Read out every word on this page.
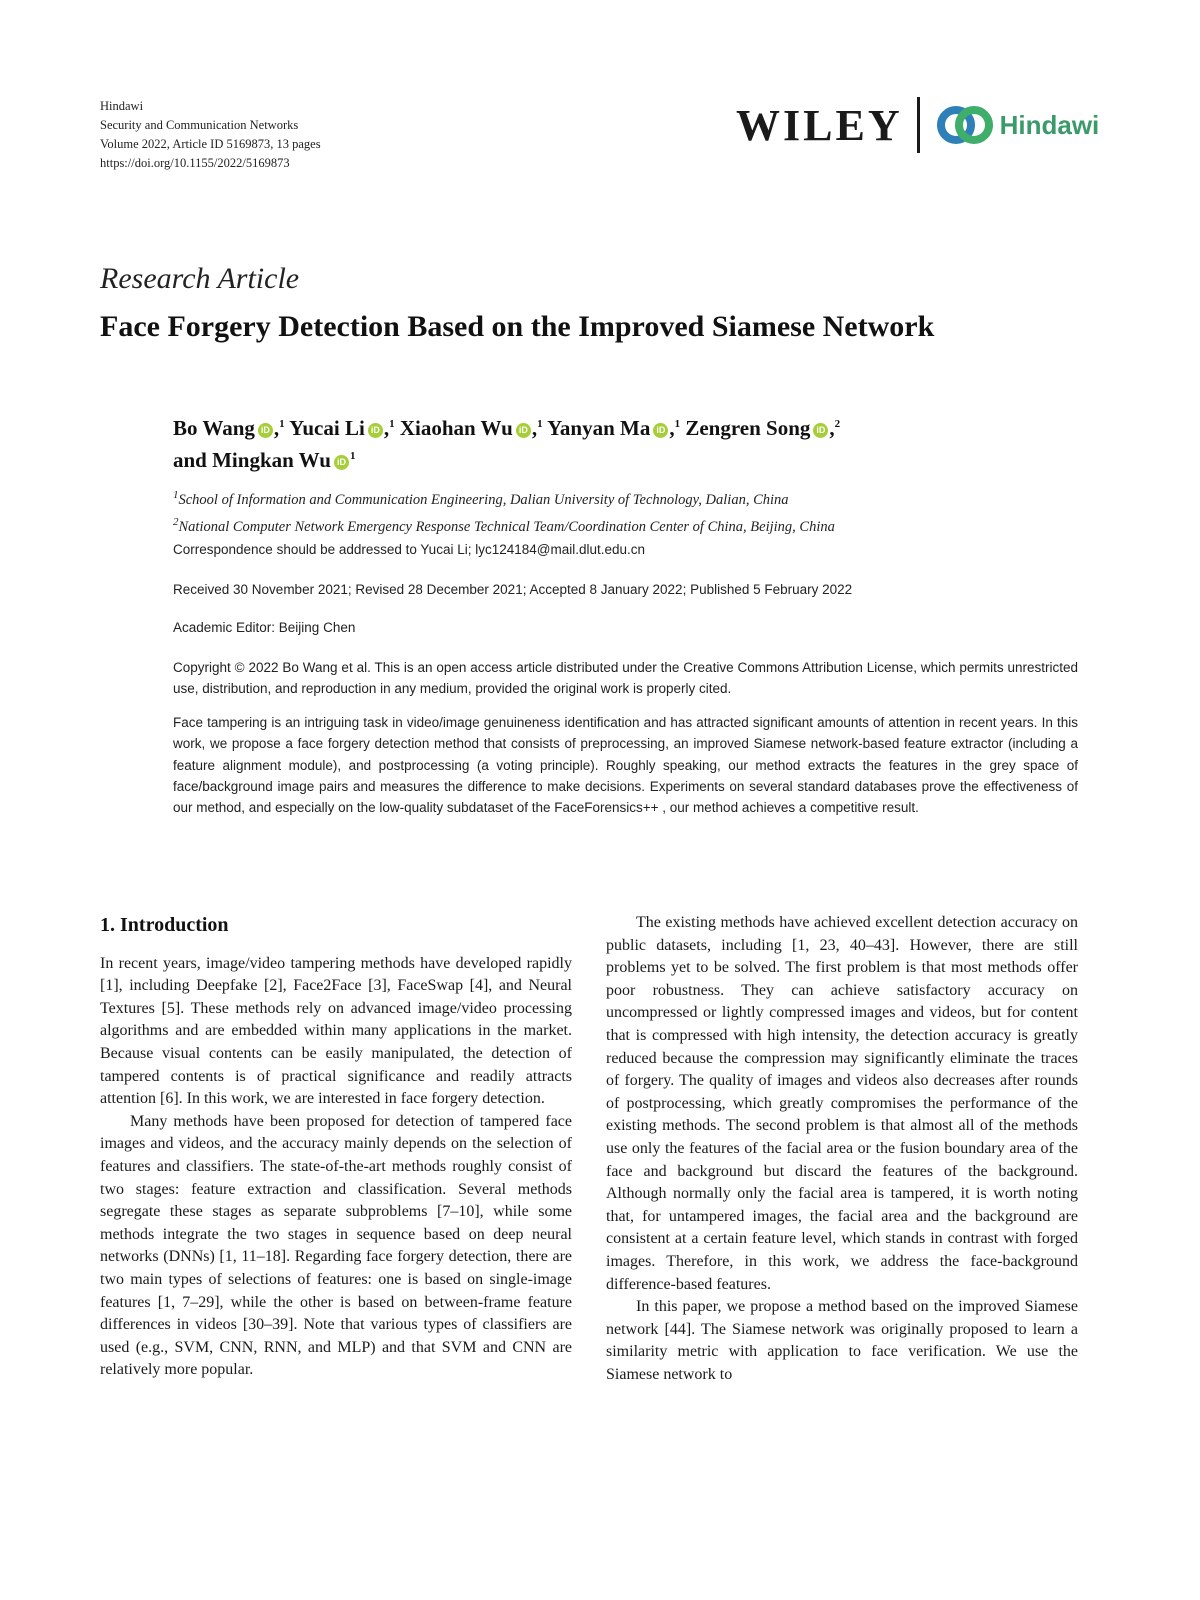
Hindawi
Security and Communication Networks
Volume 2022, Article ID 5169873, 13 pages
https://doi.org/10.1155/2022/5169873
WILEY	Hindawi
Research Article
Face Forgery Detection Based on the Improved Siamese Network
Bo Wang iD ,$^1$ Yucai Li iD ,$^1$ Xiaohan Wu iD ,$^1$ Yanyan Ma iD ,$^1$ Zengren Song iD ,$^2$
and Mingkan Wu iD $^1$
$^1$School of Information and Communication Engineering, Dalian University of Technology, Dalian, China
$^2$National Computer Network Emergency Response Technical Team/Coordination Center of China, Beijing, China
Correspondence should be addressed to Yucai Li; lyc124184@mail.dlut.edu.cn
Received 30 November 2021; Revised 28 December 2021; Accepted 8 January 2022; Published 5 February 2022
Academic Editor: Beijing Chen
Copyright © 2022 Bo Wang et al. This is an open access article distributed under the Creative Commons Attribution License, which permits unrestricted use, distribution, and reproduction in any medium, provided the original work is properly cited.
Face tampering is an intriguing task in video/image genuineness identification and has attracted significant amounts of attention in recent years. In this work, we propose a face forgery detection method that consists of preprocessing, an improved Siamese network-based feature extractor (including a feature alignment module), and postprocessing (a voting principle). Roughly speaking, our method extracts the features in the grey space of face/background image pairs and measures the difference to make decisions. Experiments on several standard databases prove the effectiveness of our method, and especially on the low-quality subdataset of the FaceForensics++ , our method achieves a competitive result.
1. Introduction

In recent years, image/video tampering methods have developed rapidly [1], including Deepfake [2], Face2Face [3], FaceSwap [4], and Neural Textures [5]. These methods rely on advanced image/video processing algorithms and are embedded within many applications in the market. Because visual contents can be easily manipulated, the detection of tampered contents is of practical significance and readily attracts attention [6]. In this work, we are interested in face forgery detection.

Many methods have been proposed for detection of tampered face images and videos, and the accuracy mainly depends on the selection of features and classifiers. The state-of-the-art methods roughly consist of two stages: feature extraction and classification. Several methods segregate these stages as separate subproblems [7–10], while some methods integrate the two stages in sequence based on deep neural networks (DNNs) [1, 11–18]. Regarding face forgery detection, there are two main types of selections of features: one is based on single-image features [1, 7–29], while the other is based on between-frame feature differences in videos [30–39]. Note that various types of classifiers are used (e.g., SVM, CNN, RNN, and MLP) and that SVM and CNN are relatively more popular.

The existing methods have achieved excellent detection accuracy on public datasets, including [1, 23, 40–43]. However, there are still problems yet to be solved. The first problem is that most methods offer poor robustness. They can achieve satisfactory accuracy on uncompressed or lightly compressed images and videos, but for content that is compressed with high intensity, the detection accuracy is greatly reduced because the compression may significantly eliminate the traces of forgery. The quality of images and videos also decreases after rounds of postprocessing, which greatly compromises the performance of the existing methods. The second problem is that almost all of the methods use only the features of the facial area or the fusion boundary area of the face and background but discard the features of the background. Although normally only the facial area is tampered, it is worth noting that, for untampered images, the facial area and the background are consistent at a certain feature level, which stands in contrast with forged images. Therefore, in this work, we address the face-background difference-based features.

In this paper, we propose a method based on the improved Siamese network [44]. The Siamese network was originally proposed to learn a similarity metric with application to face verification. We use the Siamese network to
